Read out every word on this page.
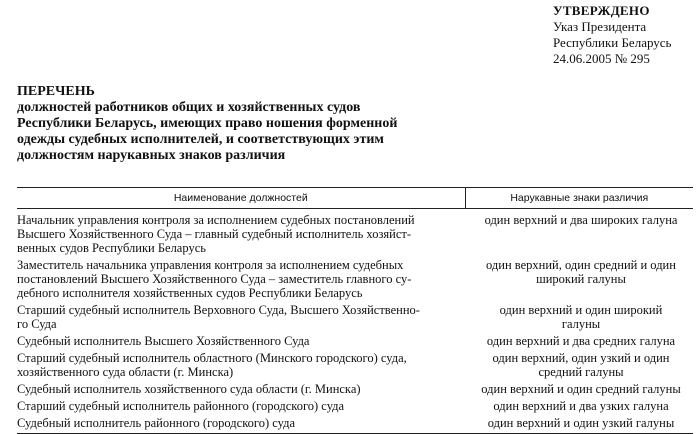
УТВЕРЖДЕНО
Указ Президента
Республики Беларусь
24.06.2005 № 295
ПЕРЕЧЕНЬ
должностей работников общих и хозяйственных судов
Республики Беларусь, имеющих право ношения форменной
одежды судебных исполнителей, и соответствующих этим
должностям нарукавных знаков различия
Наименование должностей	Нарукавные знаки различия

Начальник управления контроля за исполнением судебных постановлений
Высшего Хозяйственного Суда – главный судебный исполнитель хозяйст-
венных судов Республики Беларусь	один верхний и два широких галуна

Заместитель начальника управления контроля за исполнением судебных
постановлений Высшего Хозяйственного Суда – заместитель главного су-
дебного исполнителя хозяйственных судов Республики Беларусь	один верхний, один средний и один
широкий галуны

Старший судебный исполнитель Верховного Суда, Высшего Хозяйственно-
го Суда	один верхний и один широкий
галуны

Судебный исполнитель Высшего Хозяйственного Суда	один верхний и два средних галуна

Старший судебный исполнитель областного (Минского городского) суда,
хозяйственного суда области (г. Минска)	один верхний, один узкий и один
средний галуны

Судебный исполнитель хозяйственного суда области (г. Минска)	один верхний и один средний галуны

Старший судебный исполнитель районного (городского) суда	один верхний и два узких галуна

Судебный исполнитель районного (городского) суда	один верхний и один узкий галуны
